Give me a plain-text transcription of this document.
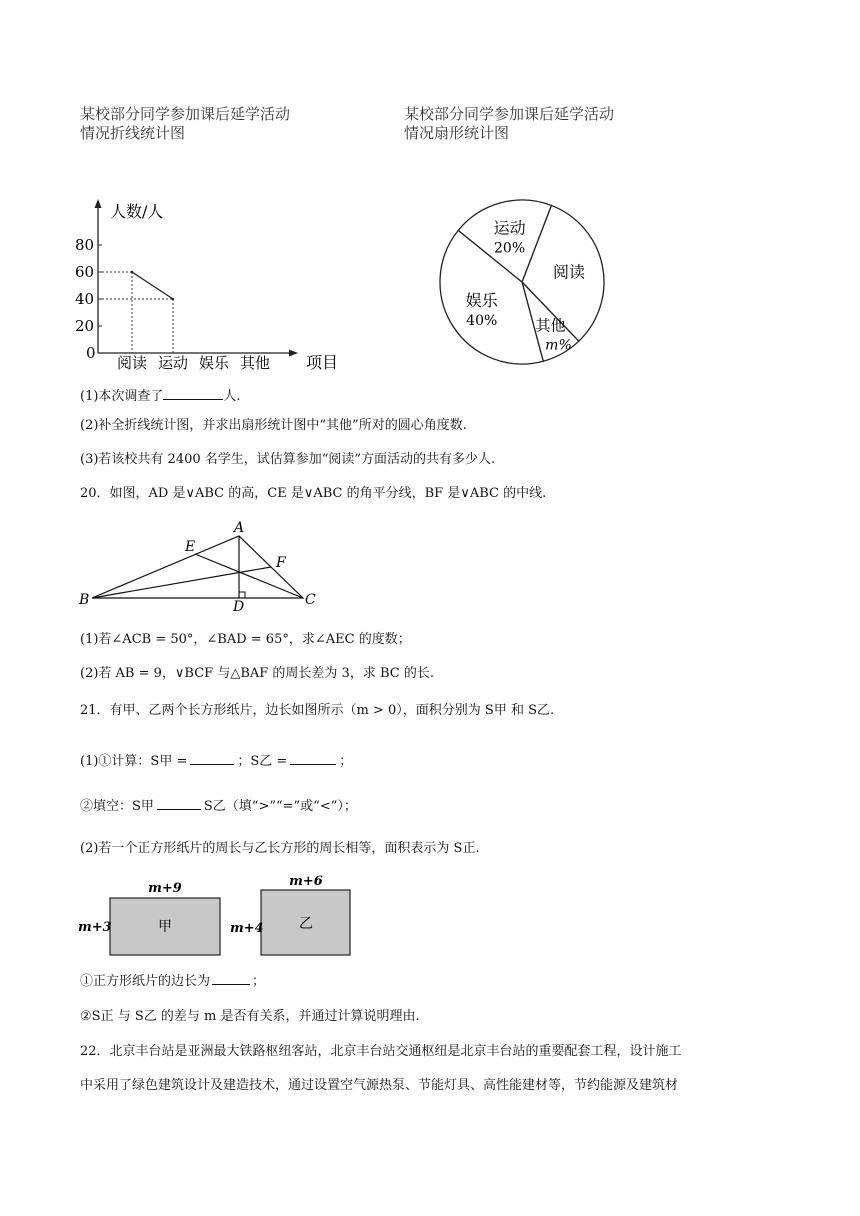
某校部分同学参加课后延学活动
情况折线统计图
某校部分同学参加课后延学活动
情况扇形统计图
人数/人
项目
0
20
40
60
80
阅读 运动 娱乐 其他
阅读
其他
m%
娱乐
40%
运动
20%
(1)本次调查了	人.
(2)补全折线统计图，并求出扇形统计图中“其他”所对的圆心角度数.
(3)若该校共有 2400 名学生，试估算参加“阅读”方面活动的共有多少人.
20．如图，AD 是∨ABC 的高，CE 是∨ABC 的角平分线，BF 是∨ABC 的中线.
A
B	C
D
E
F
(1)若∠ACB = 50°，∠BAD = 65°，求∠AEC 的度数；
(2)若 AB = 9，∨BCF 与△BAF 的周长差为 3，求 BC 的长.
21．有甲、乙两个长方形纸片，边长如图所示（m > 0），面积分别为 S甲 和 S乙.
(1)①计算：S甲 =	；S乙 =	；
②填空：S甲	S乙（填“>”“=”或“<”）；
(2)若一个正方形纸片的周长与乙长方形的周长相等，面积表示为 S正.
m+9
m+3	甲
m+6
m+4	乙
①正方形纸片的边长为	；
②S正 与 S乙 的差与 m 是否有关系，并通过计算说明理由.
22．北京丰台站是亚洲最大铁路枢纽客站，北京丰台站交通枢纽是北京丰台站的重要配套工程，设计施工
中采用了绿色建筑设计及建造技术，通过设置空气源热泵、节能灯具、高性能建材等，节约能源及建筑材
